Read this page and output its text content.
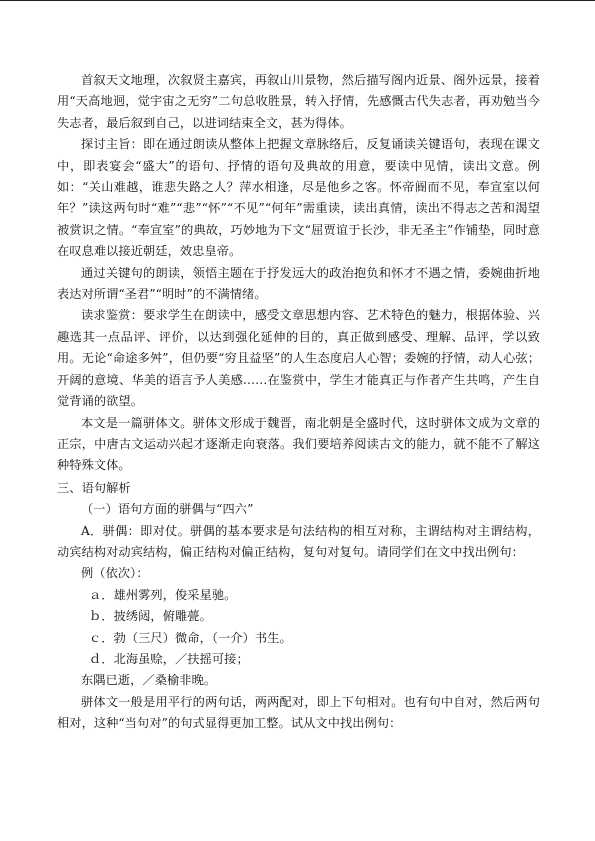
首叙天文地理，次叙贤主嘉宾，再叙山川景物，然后描写阁内近景、阁外远景，接着用“天高地迥，觉宇宙之无穷”二句总收胜景，转入抒情，先感慨古代失志者，再劝勉当今失志者，最后叙到自己，以进词结束全文，甚为得体。

探讨主旨：即在通过朗读从整体上把握文章脉络后，反复诵读关键语句，表现在课文中，即表宴会“盛大”的语句、抒情的语句及典故的用意，要读中见情，读出文意。例如：“关山难越，谁悲失路之人？萍水相逢，尽是他乡之客。怀帝阍而不见，奉宣室以何年？”读这两句时“难”“悲”“怀”“不见”“何年”需重读，读出真情，读出不得志之苦和渴望被赏识之情。“奉宣室”的典故，巧妙地为下文“屈贾谊于长沙，非无圣主”作铺垫，同时意在叹息难以接近朝廷，效忠皇帝。

通过关键句的朗读，领悟主题在于抒发远大的政治抱负和怀才不遇之情，委婉曲折地表达对所谓“圣君”“明时”的不满情绪。

读求鉴赏：要求学生在朗读中，感受文章思想内容、艺术特色的魅力，根据体验、兴趣选其一点品评、评价，以达到强化延伸的目的，真正做到感受、理解、品评，学以致用。无论“命途多舛”，但仍要“穷且益坚”的人生态度启人心智；委婉的抒情，动人心弦；开阔的意境、华美的语言予人美感……在鉴赏中，学生才能真正与作者产生共鸣，产生自觉背诵的欲望。

本文是一篇骈体文。骈体文形成于魏晋，南北朝是全盛时代，这时骈体文成为文章的正宗，中唐古文运动兴起才逐渐走向衰落。我们要培养阅读古文的能力，就不能不了解这种特殊文体。

三、语句解析

（一）语句方面的骈偶与“四六”

A．骈偶：即对仗。骈偶的基本要求是句法结构的相互对称，主谓结构对主谓结构，动宾结构对动宾结构，偏正结构对偏正结构，复句对复句。请同学们在文中找出例句：

例（依次）：

ａ．雄州雾列，俊采星驰。

ｂ．披绣闼，俯雕甍。

ｃ．勃（三尺）微命，（一介）书生。

ｄ．北海虽赊，／扶摇可接；

东隅已逝，／桑榆非晚。

骈体文一般是用平行的两句话，两两配对，即上下句相对。也有句中自对，然后两句相对，这种“当句对”的句式显得更加工整。试从文中找出例句：
